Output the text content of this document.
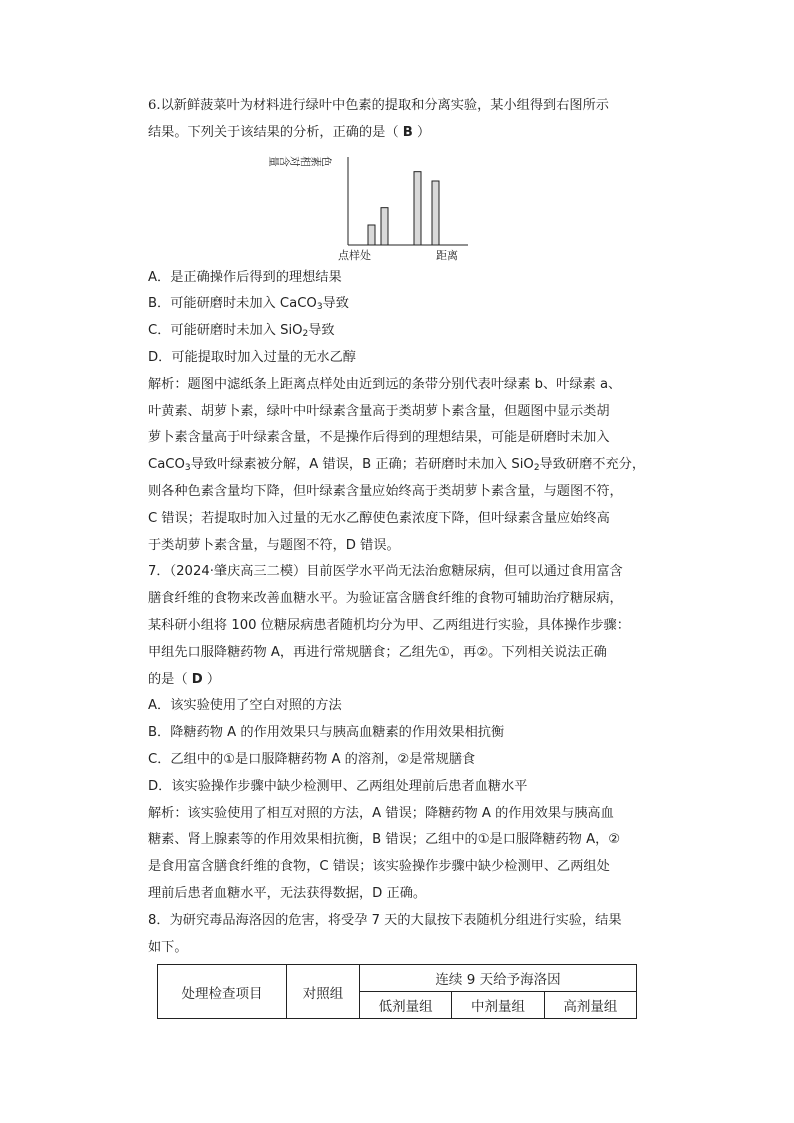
6.以新鲜菠菜叶为材料进行绿叶中色素的提取和分离实验，某小组得到右图所示

结果。下列关于该结果的分析，正确的是（ B ）

色素相对含量
点样处	距离

A．是正确操作后得到的理想结果

B．可能研磨时未加入 CaCO$_3$导致

C．可能研磨时未加入 SiO$_2$导致

D．可能提取时加入过量的无水乙醇

解析：题图中滤纸条上距离点样处由近到远的条带分别代表叶绿素 b、叶绿素 a、

叶黄素、胡萝卜素，绿叶中叶绿素含量高于类胡萝卜素含量，但题图中显示类胡

萝卜素含量高于叶绿素含量，不是操作后得到的理想结果，可能是研磨时未加入

CaCO$_3$导致叶绿素被分解，A 错误，B 正确；若研磨时未加入 SiO$_2$导致研磨不充分，

则各种色素含量均下降，但叶绿素含量应始终高于类胡萝卜素含量，与题图不符，

C 错误；若提取时加入过量的无水乙醇使色素浓度下降，但叶绿素含量应始终高

于类胡萝卜素含量，与题图不符，D 错误。

7．（2024·肇庆高三二模）目前医学水平尚无法治愈糖尿病，但可以通过食用富含

膳食纤维的食物来改善血糖水平。为验证富含膳食纤维的食物可辅助治疗糖尿病，

某科研小组将 100 位糖尿病患者随机均分为甲、乙两组进行实验，具体操作步骤：

甲组先口服降糖药物 A，再进行常规膳食；乙组先①，再②。下列相关说法正确

的是（ D ）

A．该实验使用了空白对照的方法

B．降糖药物 A 的作用效果只与胰高血糖素的作用效果相抗衡

C．乙组中的①是口服降糖药物 A 的溶剂，②是常规膳食

D．该实验操作步骤中缺少检测甲、乙两组处理前后患者血糖水平

解析：该实验使用了相互对照的方法，A 错误；降糖药物 A 的作用效果与胰高血

糖素、肾上腺素等的作用效果相抗衡，B 错误；乙组中的①是口服降糖药物 A，②

是食用富含膳食纤维的食物，C 错误；该实验操作步骤中缺少检测甲、乙两组处

理前后患者血糖水平，无法获得数据，D 正确。

8．为研究毒品海洛因的危害，将受孕 7 天的大鼠按下表随机分组进行实验，结果

如下。

处理检查项目	对照组	连续 9 天给予海洛因		
		低剂量组	中剂量组	高剂量组
